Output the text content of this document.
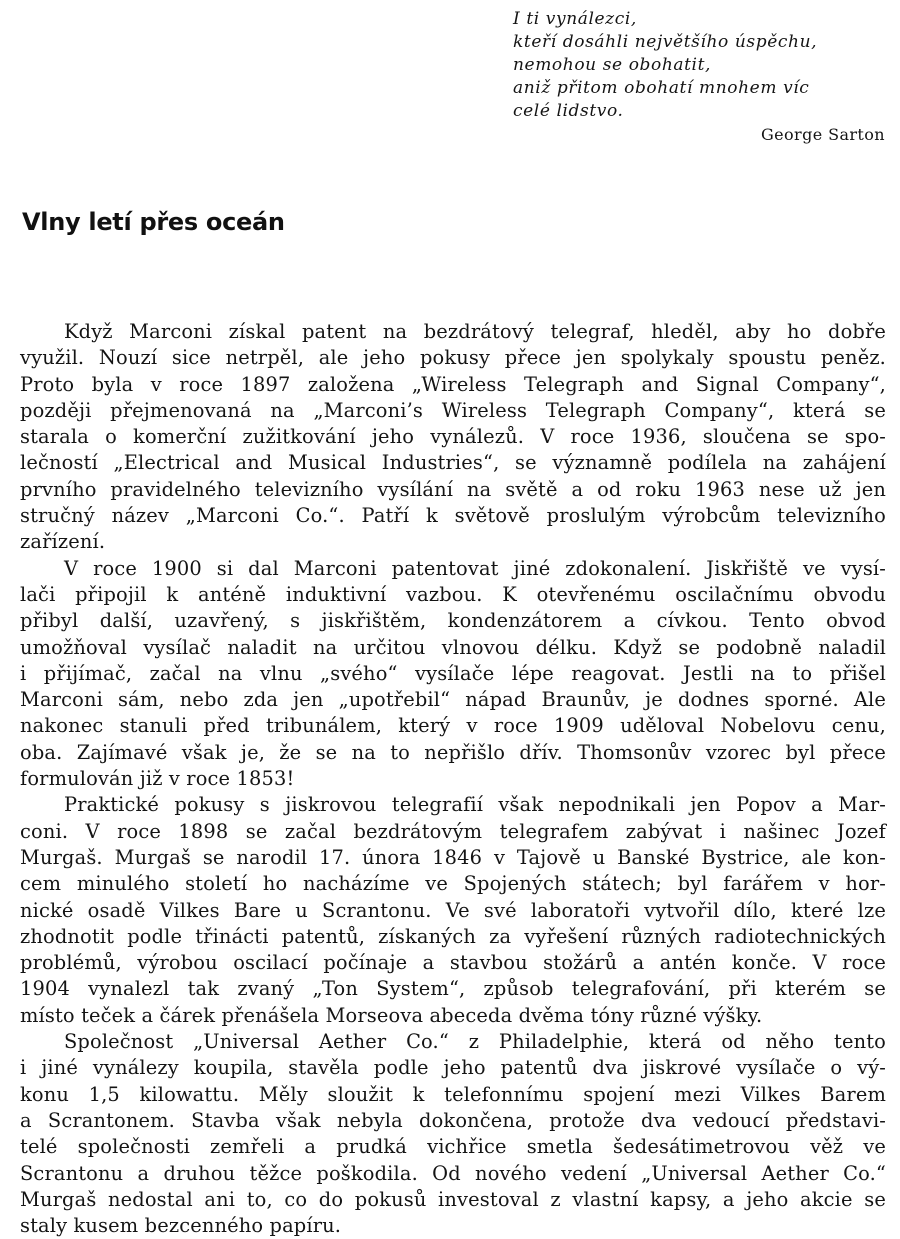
I ti vynálezci,
kteří dosáhli největšího úspěchu,
nemohou se obohatit,
aniž přitom obohatí mnohem víc
celé lidstvo.
George Sarton
Vlny letí přes oceán
Když Marconi získal patent na bezdrátový telegraf, hleděl, aby ho dobře
využil. Nouzí sice netrpěl, ale jeho pokusy přece jen spolykaly spoustu peněz.
Proto byla v roce 1897 založena „Wireless Telegraph and Signal Company“,
později přejmenovaná na „Marconi’s Wireless Telegraph Company“, která se
starala o komerční zužitkování jeho vynálezů. V roce 1936, sloučena se spo-
lečností „Electrical and Musical Industries“, se významně podílela na zahájení
prvního pravidelného televizního vysílání na světě a od roku 1963 nese už jen
stručný název „Marconi Co.“. Patří k světově proslulým výrobcům televizního
zařízení.
V roce 1900 si dal Marconi patentovat jiné zdokonalení. Jiskřiště ve vysí-
lači připojil k anténě induktivní vazbou. K otevřenému oscilačnímu obvodu
přibyl další, uzavřený, s jiskřištěm, kondenzátorem a cívkou. Tento obvod
umožňoval vysílač naladit na určitou vlnovou délku. Když se podobně naladil
i přijímač, začal na vlnu „svého“ vysílače lépe reagovat. Jestli na to přišel
Marconi sám, nebo zda jen „upotřebil“ nápad Braunův, je dodnes sporné. Ale
nakonec stanuli před tribunálem, který v roce 1909 uděloval Nobelovu cenu,
oba. Zajímavé však je, že se na to nepřišlo dřív. Thomsonův vzorec byl přece
formulován již v roce 1853!
Praktické pokusy s jiskrovou telegrafií však nepodnikali jen Popov a Mar-
coni. V roce 1898 se začal bezdrátovým telegrafem zabývat i našinec Jozef
Murgaš. Murgaš se narodil 17. února 1846 v Tajově u Banské Bystrice, ale kon-
cem minulého století ho nacházíme ve Spojených státech; byl farářem v hor-
nické osadě Vilkes Bare u Scrantonu. Ve své laboratoři vytvořil dílo, které lze
zhodnotit podle třinácti patentů, získaných za vyřešení různých radiotechnických
problémů, výrobou oscilací počínaje a stavbou stožárů a antén konče. V roce
1904 vynalezl tak zvaný „Ton System“, způsob telegrafování, při kterém se
místo teček a čárek přenášela Morseova abeceda dvěma tóny různé výšky.
Společnost „Universal Aether Co.“ z Philadelphie, která od něho tento
i jiné vynálezy koupila, stavěla podle jeho patentů dva jiskrové vysílače o vý-
konu 1,5 kilowattu. Měly sloužit k telefonnímu spojení mezi Vilkes Barem
a Scrantonem. Stavba však nebyla dokončena, protože dva vedoucí představi-
telé společnosti zemřeli a prudká vichřice smetla šedesátimetrovou věž ve
Scrantonu a druhou těžce poškodila. Od nového vedení „Universal Aether Co.“
Murgaš nedostal ani to, co do pokusů investoval z vlastní kapsy, a jeho akcie se
staly kusem bezcenného papíru.
